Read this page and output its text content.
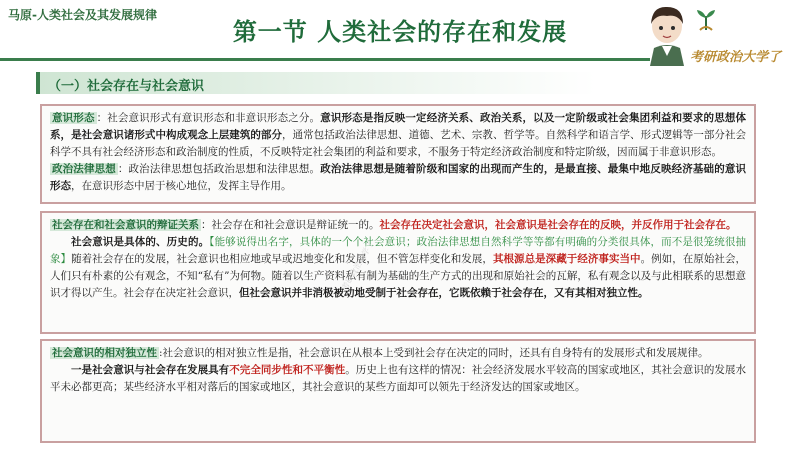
马原-人类社会及其发展规律
第一节 人类社会的存在和发展
考研政治大学了
（一）社会存在与社会意识

意识形态 ：社会意识形式有意识形态和非意识形态之分。意识形态是指反映一定经济关系、政治关系，以及一定阶级或社会集团利益和要求的思想体系，是社会意识诸形式中构成观念上层建筑的部分，通常包括政治法律思想、道德、艺术、宗教、哲学等。自然科学和语言学、形式逻辑等一部分社会科学不具有社会经济形态和政治制度的性质，不反映特定社会集团的利益和要求，不服务于特定经济政治制度和特定阶级，因而属于非意识形态。

政治法律思想 ：政治法律思想包括政治思想和法律思想。政治法律思想是随着阶级和国家的出现而产生的，是最直接、最集中地反映经济基础的意识形态，在意识形态中居于核心地位，发挥主导作用。

社会存在和社会意识的辩证关系 ：社会存在和社会意识是辩证统一的。社会存在决定社会意识，社会意识是社会存在的反映，并反作用于社会存在。

社会意识是具体的、历史的。【能够说得出名字，具体的一个个社会意识；政治法律思想自然科学等等都有明确的分类很具体，而不是很笼统很抽象】随着社会存在的发展，社会意识也相应地或早或迟地变化和发展，但不管怎样变化和发展，其根源总是深藏于经济事实当中。例如，在原始社会，人们只有朴素的公有观念，不知“私有”为何物。随着以生产资料私有制为基础的生产方式的出现和原始社会的瓦解，私有观念以及与此相联系的思想意识才得以产生。社会存在决定社会意识，但社会意识并非消极被动地受制于社会存在，它既依赖于社会存在，又有其相对独立性。

考研政治大学了

社会意识的相对独立性 :社会意识的相对独立性是指，社会意识在从根本上受到社会存在决定的同时，还具有自身特有的发展形式和发展规律。

一是社会意识与社会存在发展具有不完全同步性和不平衡性。历史上也有这样的情况：社会经济发展水平较高的国家或地区，其社会意识的发展水平未必都更高；某些经济水平相对落后的国家或地区，其社会意识的某些方面却可以领先于经济发达的国家或地区。
